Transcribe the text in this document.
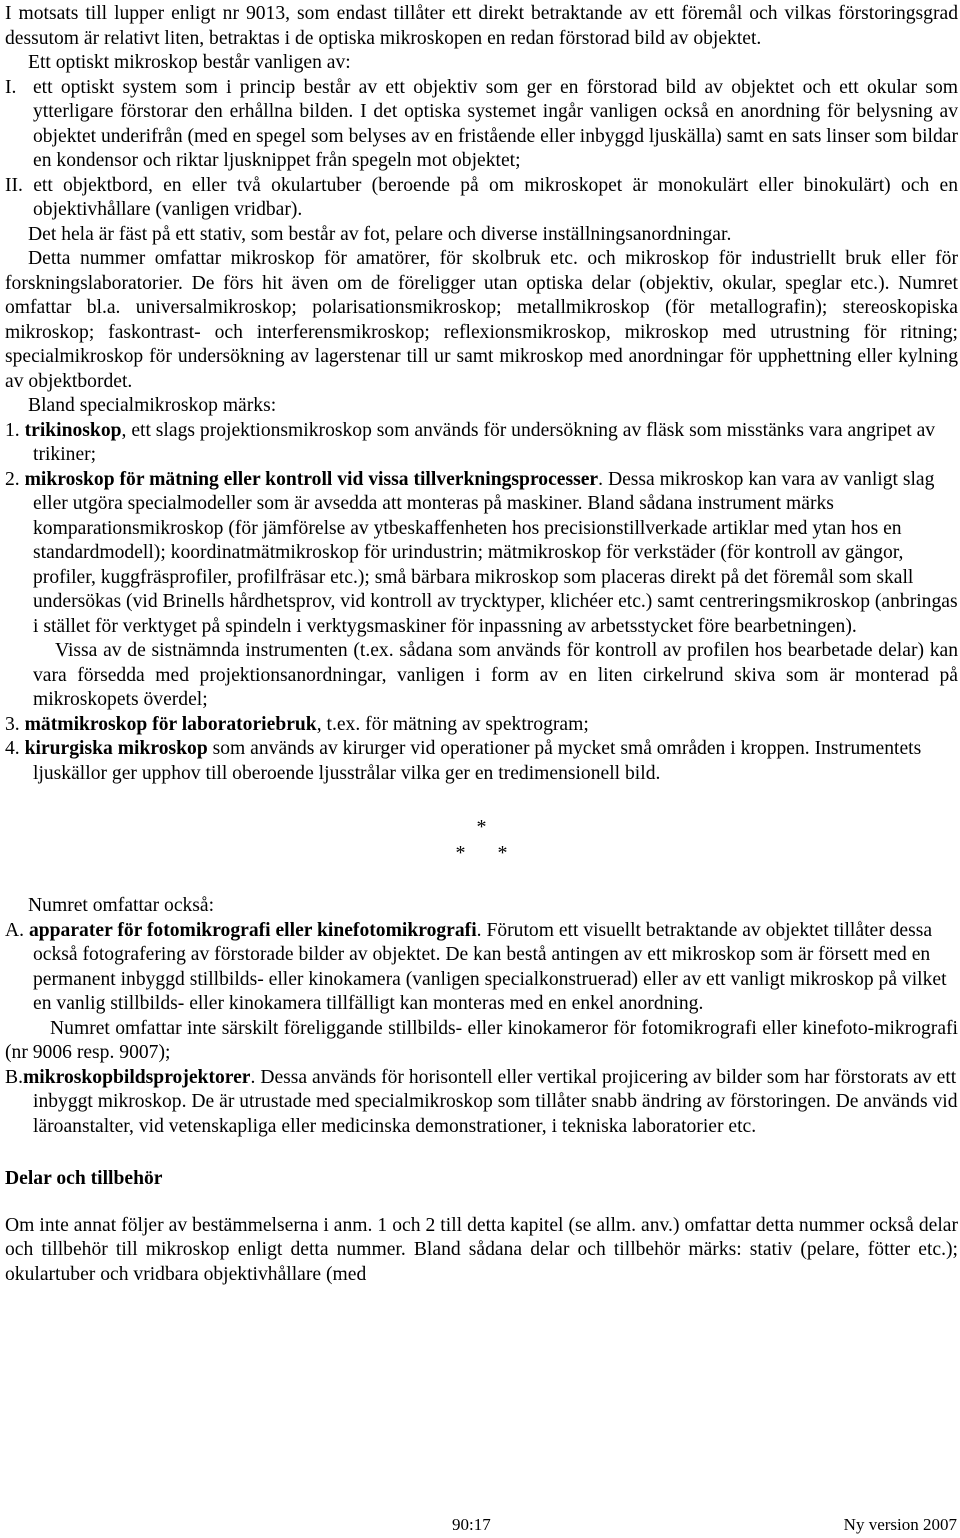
I motsats till lupper enligt nr 9013, som endast tillåter ett direkt betraktande av ett föremål och vilkas förstoringsgrad dessutom är relativt liten, betraktas i de optiska mikroskopen en redan förstorad bild av objektet.

Ett optiskt mikroskop består vanligen av:

I. ett optiskt system som i princip består av ett objektiv som ger en förstorad bild av objektet och ett okular som ytterligare förstorar den erhållna bilden. I det optiska systemet ingår vanligen också en anordning för belysning av objektet underifrån (med en spegel som belyses av en fristående eller inbyggd ljuskälla) samt en sats linser som bildar en kondensor och riktar ljusknippet från spegeln mot objektet;

II. ett objektbord, en eller två okulartuber (beroende på om mikroskopet är monokulärt eller binokulärt) och en objektivhållare (vanligen vridbar).

Det hela är fäst på ett stativ, som består av fot, pelare och diverse inställningsanordningar.

Detta nummer omfattar mikroskop för amatörer, för skolbruk etc. och mikroskop för industriellt bruk eller för forskningslaboratorier. De förs hit även om de föreligger utan optiska delar (objektiv, okular, speglar etc.). Numret omfattar bl.a. universalmikroskop; polarisationsmikroskop; metallmikroskop (för metallografin); stereoskopiska mikroskop; faskontrast- och interferensmikroskop; reflexionsmikroskop, mikroskop med utrustning för ritning; specialmikroskop för undersökning av lagerstenar till ur samt mikroskop med anordningar för upphettning eller kylning av objektbordet.

Bland specialmikroskop märks:

1. trikinoskop, ett slags projektionsmikroskop som används för undersökning av fläsk som misstänks vara angripet av trikiner;

2. mikroskop för mätning eller kontroll vid vissa tillverkningsprocesser. Dessa mikroskop kan vara av vanligt slag eller utgöra specialmodeller som är avsedda att monteras på maskiner. Bland sådana instrument märks komparationsmikroskop (för jämförelse av ytbeskaffenheten hos precisionstillverkade artiklar med ytan hos en standardmodell); koordinatmätmikroskop för urindustrin; mätmikroskop för verkstäder (för kontroll av gängor, profiler, kuggfräsprofiler, profilfräsar etc.); små bärbara mikroskop som placeras direkt på det föremål som skall undersökas (vid Brinells hårdhetsprov, vid kontroll av trycktyper, klichéer etc.) samt centreringsmikroskop (anbringas i stället för verktyget på spindeln i verktygsmaskiner för inpassning av arbetsstycket före bearbetningen).

Vissa av de sistnämnda instrumenten (t.ex. sådana som används för kontroll av profilen hos bearbetade delar) kan vara försedda med projektionsanordningar, vanligen i form av en liten cirkelrund skiva som är monterad på mikroskopets överdel;

3. mätmikroskop för laboratoriebruk, t.ex. för mätning av spektrogram;

4. kirurgiska mikroskop som används av kirurger vid operationer på mycket små områden i kroppen. Instrumentets ljuskällor ger upphov till oberoende ljusstrålar vilka ger en tredimensionell bild.

*
* *

Numret omfattar också:

A. apparater för fotomikrografi eller kinefotomikrografi. Förutom ett visuellt betraktande av objektet tillåter dessa också fotografering av förstorade bilder av objektet. De kan bestå antingen av ett mikroskop som är försett med en permanent inbyggd stillbilds- eller kinokamera (vanligen specialkonstruerad) eller av ett vanligt mikroskop på vilket en vanlig stillbilds- eller kinokamera tillfälligt kan monteras med en enkel anordning.

Numret omfattar inte särskilt föreliggande stillbilds- eller kinokameror för fotomikrografi eller kinefoto-mikrografi (nr 9006 resp. 9007);

B.mikroskopbildsprojektorer. Dessa används för horisontell eller vertikal projicering av bilder som har förstorats av ett inbyggt mikroskop. De är utrustade med specialmikroskop som tillåter snabb ändring av förstoringen. De används vid läroanstalter, vid vetenskapliga eller medicinska demonstrationer, i tekniska laboratorier etc.

Delar och tillbehör

Om inte annat följer av bestämmelserna i anm. 1 och 2 till detta kapitel (se allm. anv.) omfattar detta nummer också delar och tillbehör till mikroskop enligt detta nummer. Bland sådana delar och tillbehör märks: stativ (pelare, fötter etc.); okulartuber och vridbara objektivhållare (med

90:17	Ny version 2007
